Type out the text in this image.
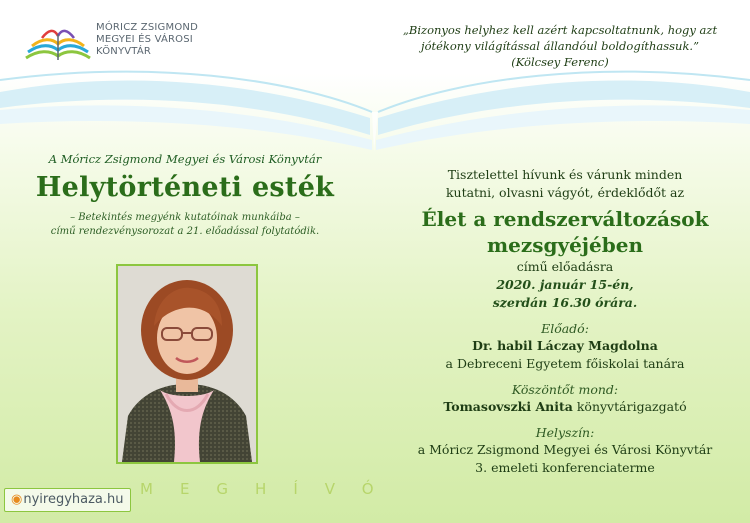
MÓRICZ ZSIGMOND
MEGYEI ÉS VÁROSI
KÖNYVTÁR
„Bizonyos helyhez kell azért kapcsoltatnunk, hogy azt
jótékony világítással állandóul boldogíthassuk.”
(Kölcsey Ferenc)
A Móricz Zsigmond Megyei és Városi Könyvtár
Helytörténeti esték
– Betekintés megyénk kutatóinak munkáiba –
című rendezvénysorozat a 21. előadással folytatódik.
MEGHÍVÓ
◉nyiregyhaza.hu
Tisztelettel hívunk és várunk minden
kutatni, olvasni vágyót, érdeklődőt az
Élet a rendszerváltozások
mezsgyéjében
című előadásra
2020. január 15-én,
szerdán 16.30 órára.
Előadó:
Dr. habil Láczay Magdolna
a Debreceni Egyetem főiskolai tanára
Köszöntőt mond:
Tomasovszki Anita könyvtárigazgató
Helyszín:
a Móricz Zsigmond Megyei és Városi Könyvtár
3. emeleti konferenciaterme
